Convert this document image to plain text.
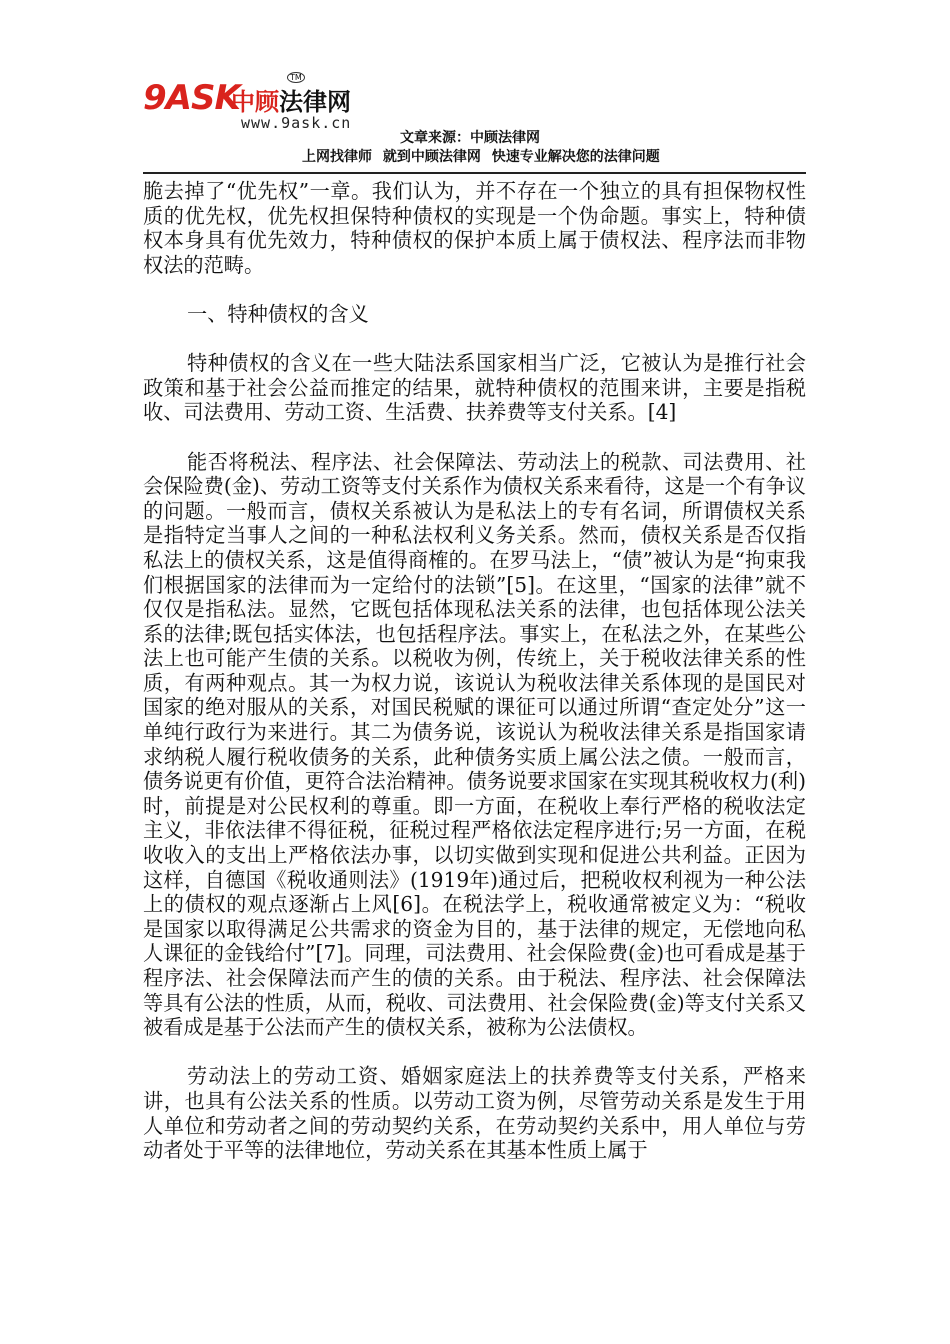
9ASK
中顾法律网
TM
www.9ask.cn
文章来源：中顾法律网
上网找律师 就到中顾法律网 快速专业解决您的法律问题

脆去掉了“优先权”一章。我们认为，并不存在一个独立的具有担保物权性质的优先权，优先权担保特种债权的实现是一个伪命题。事实上，特种债权本身具有优先效力，特种债权的保护本质上属于债权法、程序法而非物权法的范畴。

一、特种债权的含义

特种债权的含义在一些大陆法系国家相当广泛，它被认为是推行社会政策和基于社会公益而推定的结果，就特种债权的范围来讲，主要是指税收、司法费用、劳动工资、生活费、扶养费等支付关系。[4]

能否将税法、程序法、社会保障法、劳动法上的税款、司法费用、社会保险费(金)、劳动工资等支付关系作为债权关系来看待，这是一个有争议的问题。一般而言，债权关系被认为是私法上的专有名词，所谓债权关系是指特定当事人之间的一种私法权利义务关系。然而，债权关系是否仅指私法上的债权关系，这是值得商榷的。在罗马法上，“债”被认为是“拘束我们根据国家的法律而为一定给付的法锁”[5]。在这里，“国家的法律”就不仅仅是指私法。显然，它既包括体现私法关系的法律，也包括体现公法关系的法律;既包括实体法，也包括程序法。事实上，在私法之外，在某些公法上也可能产生债的关系。以税收为例，传统上，关于税收法律关系的性质，有两种观点。其一为权力说，该说认为税收法律关系体现的是国民对国家的绝对服从的关系，对国民税赋的课征可以通过所谓“查定处分”这一单纯行政行为来进行。其二为债务说，该说认为税收法律关系是指国家请求纳税人履行税收债务的关系，此种债务实质上属公法之债。一般而言，债务说更有价值，更符合法治精神。债务说要求国家在实现其税收权力(利)时，前提是对公民权利的尊重。即一方面，在税收上奉行严格的税收法定主义，非依法律不得征税，征税过程严格依法定程序进行;另一方面，在税收收入的支出上严格依法办事，以切实做到实现和促进公共利益。正因为这样，自德国《税收通则法》(1919年)通过后，把税收权利视为一种公法上的债权的观点逐渐占上风[6]。在税法学上，税收通常被定义为：“税收是国家以取得满足公共需求的资金为目的，基于法律的规定，无偿地向私人课征的金钱给付”[7]。同理，司法费用、社会保险费(金)也可看成是基于程序法、社会保障法而产生的债的关系。由于税法、程序法、社会保障法等具有公法的性质，从而，税收、司法费用、社会保险费(金)等支付关系又被看成是基于公法而产生的债权关系，被称为公法债权。

劳动法上的劳动工资、婚姻家庭法上的扶养费等支付关系，严格来讲，也具有公法关系的性质。以劳动工资为例，尽管劳动关系是发生于用人单位和劳动者之间的劳动契约关系，在劳动契约关系中，用人单位与劳动者处于平等的法律地位，劳动关系在其基本性质上属于
